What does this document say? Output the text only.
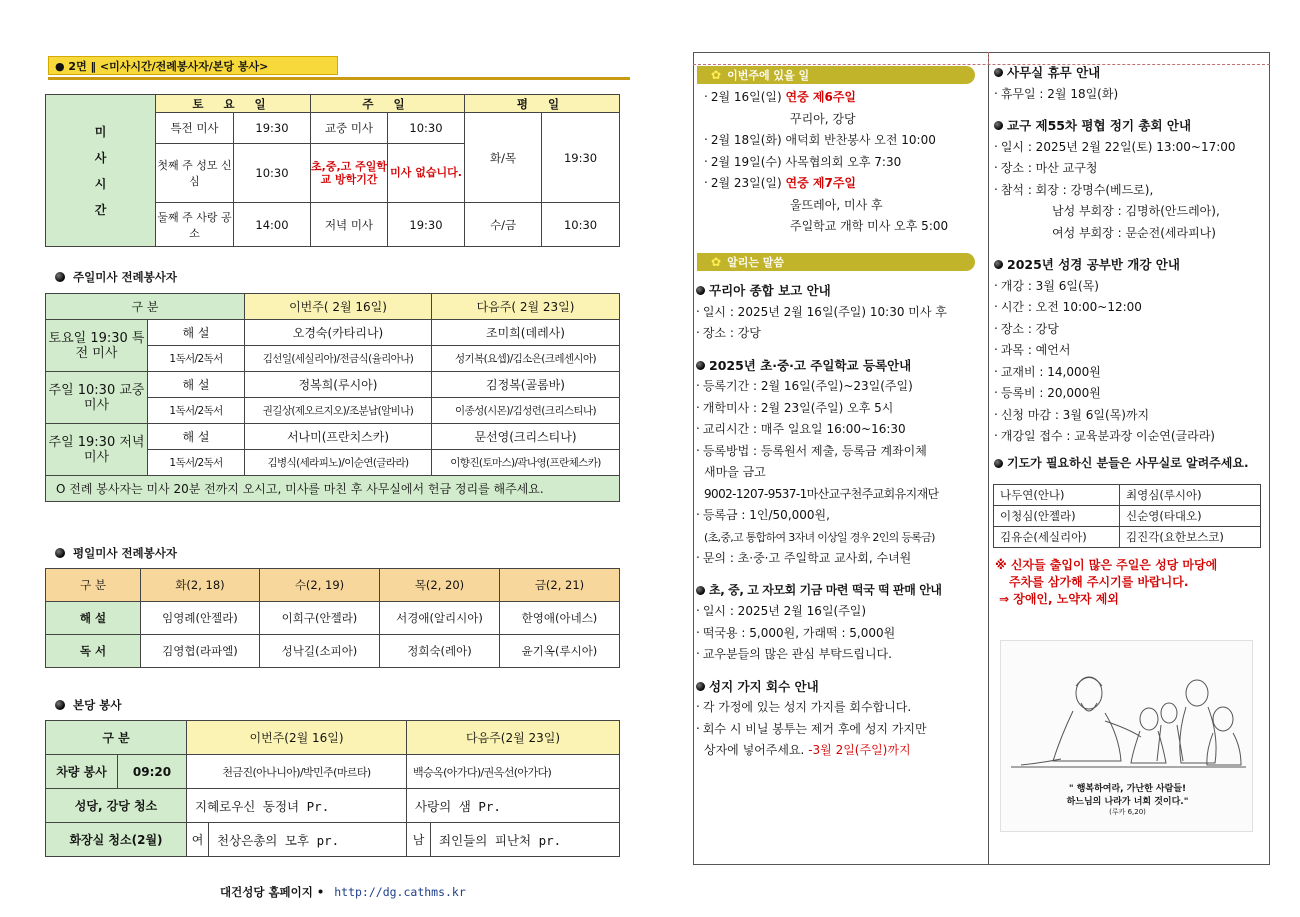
● 2면 ‖ <미사시간/전례봉사자/본당 봉사>
미
사
시
간	토 요 일		주 일		평 일	
	특전 미사	19:30	교중 미사	10:30	화/목	19:30
	첫째 주 성모 신심	10:30	초,중,고 주일학교 방학기간	미사 없습니다.		
	둘째 주 사랑 공소	14:00	저녁 미사	19:30	수/금	10:30
주일미사 전례봉사자
구 분		이번주( 2월 16일)	다음주( 2월 23일)
토요일 19:30 특전 미사	해 설	오경숙(카타리나)	조미희(데레사)
	1독서/2독서	김선일(세실리아)/전금식(율리아나)	성기복(요셉)/김소은(크레센시아)
주일 10:30 교중 미사	해 설	정복희(루시아)	김정복(골롬바)
	1독서/2독서	권길상(제오르지오)/조분남(알비나)	이종성(시몬)/김성련(크리스티나)
주일 19:30 저녁 미사	해 설	서나미(프란치스카)	문선영(크리스티나)
	1독서/2독서	김병식(세라피노)/이순연(글라라)	이향진(토마스)/곽나영(프란체스카)
O 전례 봉사자는 미사 20분 전까지 오시고, 미사를 마친 후 사무실에서 헌금 정리를 해주세요.			
평일미사 전례봉사자
구 분	화(2, 18)	수(2, 19)	목(2, 20)	금(2, 21)
해 설	임영례(안젤라)	이희구(안젤라)	서경애(알리시아)	한영애(아네스)
독 서	김영협(라파엘)	성낙길(소피아)	정희숙(레아)	윤기옥(루시아)
본당 봉사
구 분		이번주(2월 16일)		다음주(2월 23일)	
차량 봉사	09:20	천금진(아나니아)/박민주(마르타)		백승옥(아가다)/권옥선(아가다)	
성당, 강당 청소		지혜로우신 동정녀 Pr.		사랑의 샘 Pr.	
화장실 청소(2월)		여	천상은총의 모후 pr.	남	죄인들의 피난처 pr.
대건성당 홈페이지 • http://dg.cathms.kr
✿ 이번주에 있을 일
‧ 2월 16일(일) 연중 제6주일
꾸리아, 강당
‧ 2월 18일(화) 애덕회 반찬봉사 오전 10:00
‧ 2월 19일(수) 사목협의회 오후 7:30
‧ 2월 23일(일) 연중 제7주일
울뜨레아, 미사 후
주일학교 개학 미사 오후 5:00
✿ 알리는 말씀
꾸리아 종합 보고 안내
‧ 일시 : 2025년 2월 16일(주일) 10:30 미사 후
‧ 장소 : 강당
2025년 초·중·고 주일학교 등록안내
‧ 등록기간 : 2월 16일(주일)~23일(주일)
‧ 개학미사 : 2월 23일(주일) 오후 5시
‧ 교리시간 : 매주 일요일 16:00~16:30
‧ 등록방법 : 등록원서 제출, 등록금 계좌이체
새마을 금고
9002-1207-9537-1마산교구천주교회유지재단
‧ 등록금 : 1인/50,000원,
(초,중,고 통합하여 3자녀 이상일 경우 2인의 등록금)
‧ 문의 : 초·중·고 주일학교 교사회, 수녀원
초, 중, 고 자모회 기금 마련 떡국 떡 판매 안내
‧ 일시 : 2025년 2월 16일(주일)
‧ 떡국용 : 5,000원, 가래떡 : 5,000원
‧ 교우분들의 많은 관심 부탁드립니다.
성지 가지 회수 안내
‧ 각 가정에 있는 성지 가지를 회수합니다.
‧ 회수 시 비닐 봉투는 제거 후에 성지 가지만
상자에 넣어주세요. -3월 2일(주일)까지
사무실 휴무 안내
‧ 휴무일 : 2월 18일(화)
교구 제55차 평협 정기 총회 안내
‧ 일시 : 2025년 2월 22일(토) 13:00~17:00
‧ 장소 : 마산 교구청
‧ 참석 : 회장 : 강명수(베드로),
남성 부회장 : 김명하(안드레아),
여성 부회장 : 문순전(세라피나)
2025년 성경 공부반 개강 안내
‧ 개강 : 3월 6일(목)
‧ 시간 : 오전 10:00~12:00
‧ 장소 : 강당
‧ 과목 : 예언서
‧ 교재비 : 14,000원
‧ 등록비 : 20,000원
‧ 신청 마감 : 3월 6일(목)까지
‧ 개강일 접수 : 교육분과장 이순연(글라라)
기도가 필요하신 분들은 사무실로 알려주세요.
나두연(안나)	최영심(루시아)
이청심(안젤라)	신순영(타대오)
김유순(세실리아)	김진각(요한보스코)
※ 신자들 출입이 많은 주일은 성당 마당에
주차를 삼가해 주시기를 바랍니다.
⇒ 장애인, 노약자 제외
" 행복하여라, 가난한 사람들!
하느님의 나라가 너희 것이다."
(루카 6,20)
